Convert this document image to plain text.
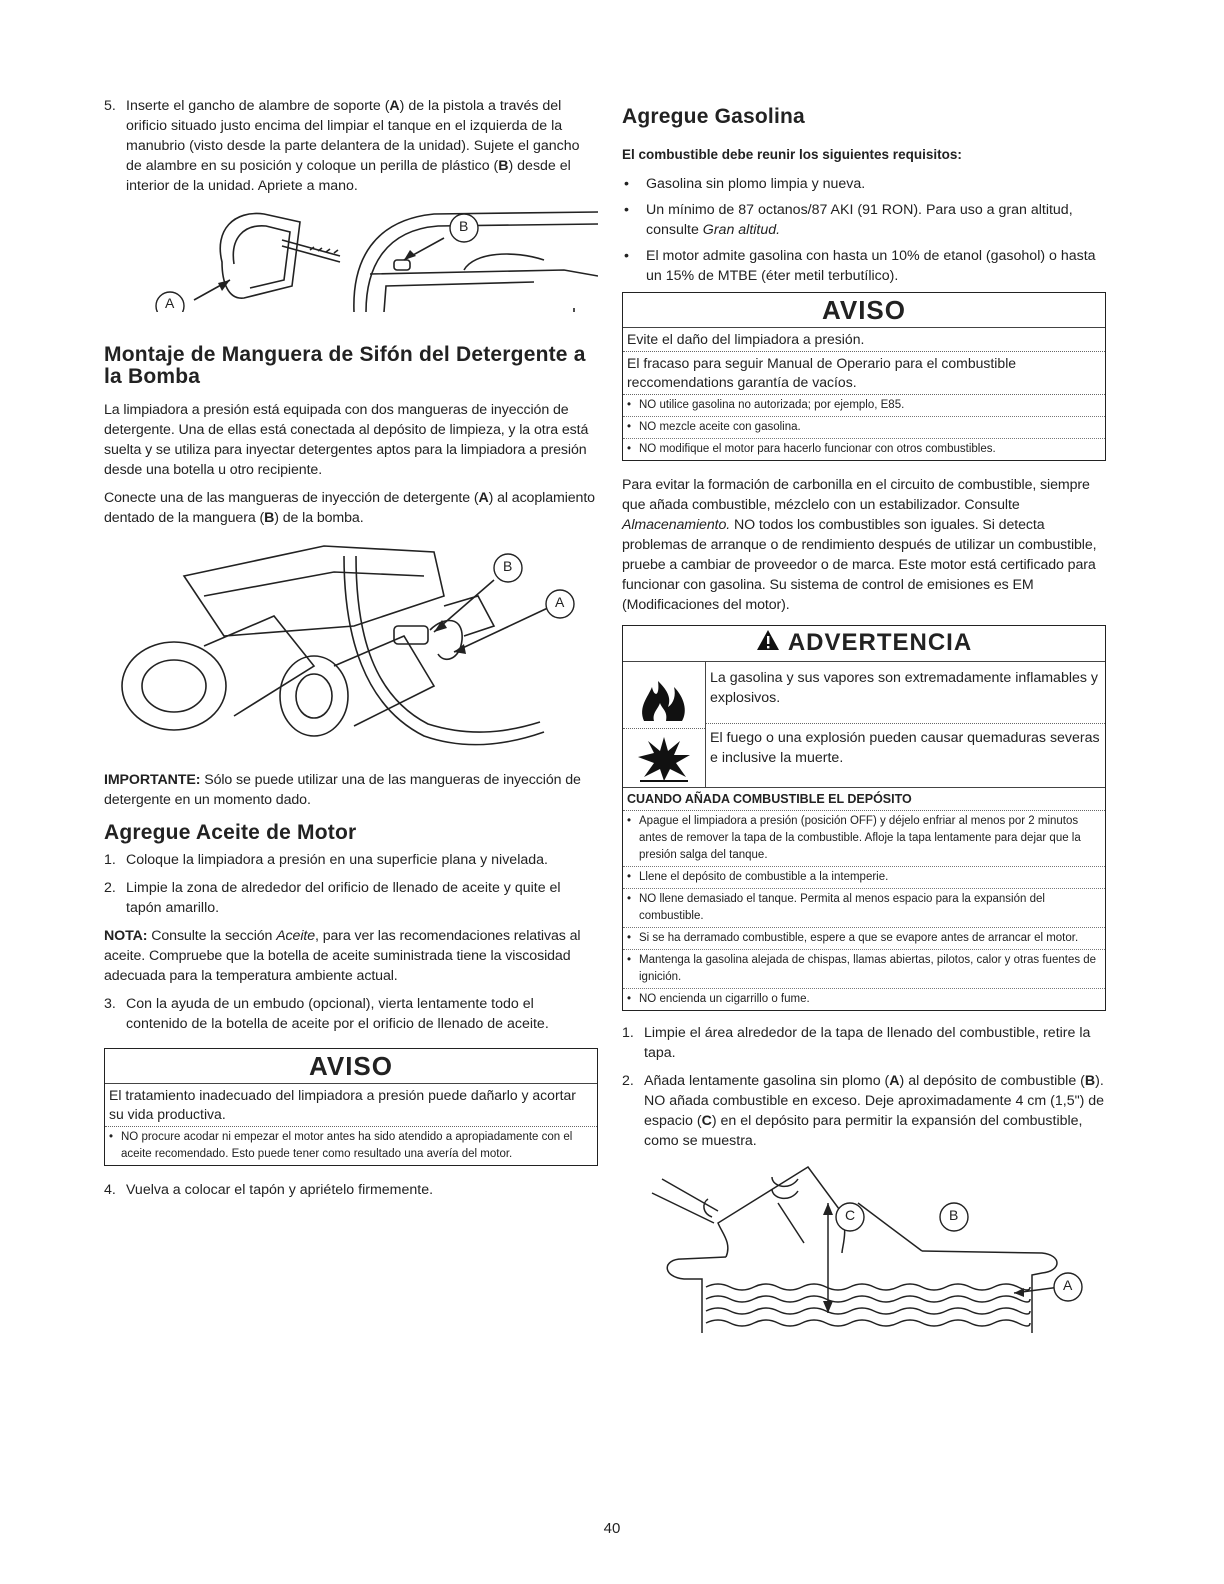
5. Inserte el gancho de alambre de soporte (A) de la pistola a través del orificio situado justo encima del limpiar el tanque en el izquierda de la manubrio (visto desde la parte delantera de la unidad). Sujete el gancho de alambre en su posición y coloque un perilla de plástico (B) desde el interior de la unidad. Apriete a mano.
A
B
Montaje de Manguera de Sifón del Detergente a la Bomba

La limpiadora a presión está equipada con dos mangueras de inyección de detergente. Una de ellas está conectada al depósito de limpieza, y la otra está suelta y se utiliza para inyectar detergentes aptos para la limpiadora a presión desde una botella u otro recipiente.

Conecte una de las mangueras de inyección de detergente (A) al acoplamiento dentado de la manguera (B) de la bomba.

B
A

IMPORTANTE: Sólo se puede utilizar una de las mangueras de inyección de detergente en un momento dado.

Agregue Aceite de Motor
1. Coloque la limpiadora a presión en una superficie plana y nivelada.
2. Limpie la zona de alrededor del orificio de llenado de aceite y quite el tapón amarillo.

NOTA: Consulte la sección Aceite, para ver las recomendaciones relativas al aceite. Compruebe que la botella de aceite suministrada tiene la viscosidad adecuada para la temperatura ambiente actual.

3. Con la ayuda de un embudo (opcional), vierta lentamente todo el contenido de la botella de aceite por el orificio de llenado de aceite.
AVISO
El tratamiento inadecuado del limpiadora a presión puede dañarlo y acortar su vida productiva.
• NO procure acodar ni empezar el motor antes ha sido atendido a apropiadamente con el aceite recomendado. Esto puede tener como resultado una avería del motor.
4. Vuelva a colocar el tapón y apriételo firmemente.
Agregue Gasolina

El combustible debe reunir los siguientes requisitos:

•	Gasolina sin plomo limpia y nueva.
•	Un mínimo de 87 octanos/87 AKI (91 RON). Para uso a gran altitud, consulte Gran altitud.
•	El motor admite gasolina con hasta un 10% de etanol (gasohol) o hasta un 15% de MTBE (éter metil terbutílico).
AVISO
Evite el daño del limpiadora a presión.
El fracaso para seguir Manual de Operario para el combustible reccomendations garantía de vacíos.
• NO utilice gasolina no autorizada; por ejemplo, E85.
• NO mezcle aceite con gasolina.
• NO modifique el motor para hacerlo funcionar con otros combustibles.

Para evitar la formación de carbonilla en el circuito de combustible, siempre que añada combustible, mézclelo con un estabilizador. Consulte Almacenamiento. NO todos los combustibles son iguales. Si detecta problemas de arranque o de rendimiento después de utilizar un combustible, pruebe a cambiar de proveedor o de marca. Este motor está certificado para funcionar con gasolina. Su sistema de control de emisiones es EM (Modificaciones del motor).

ADVERTENCIA
La gasolina y sus vapores son extremadamente inflamables y explosivos.
El fuego o una explosión pueden causar quemaduras severas e inclusive la muerte.
CUANDO AÑADA COMBUSTIBLE EL DEPÓSITO
• Apague el limpiadora a presión (posición OFF) y déjelo enfriar al menos por 2 minutos antes de remover la tapa de la combustible. Afloje la tapa lentamente para dejar que la presión salga del tanque.
• Llene el depósito de combustible a la intemperie.
• NO llene demasiado el tanque. Permita al menos espacio para la expansión del combustible.
• Si se ha derramado combustible, espere a que se evapore antes de arrancar el motor.
• Mantenga la gasolina alejada de chispas, llamas abiertas, pilotos, calor y otras fuentes de ignición.
• NO encienda un cigarrillo o fume.
1. Limpie el área alrededor de la tapa de llenado del combustible, retire la tapa.
2. Añada lentamente gasolina sin plomo (A) al depósito de combustible (B). NO añada combustible en exceso. Deje aproximadamente 4 cm (1,5") de espacio (C) en el depósito para permitir la expansión del combustible, como se muestra.
C	B
A
40
